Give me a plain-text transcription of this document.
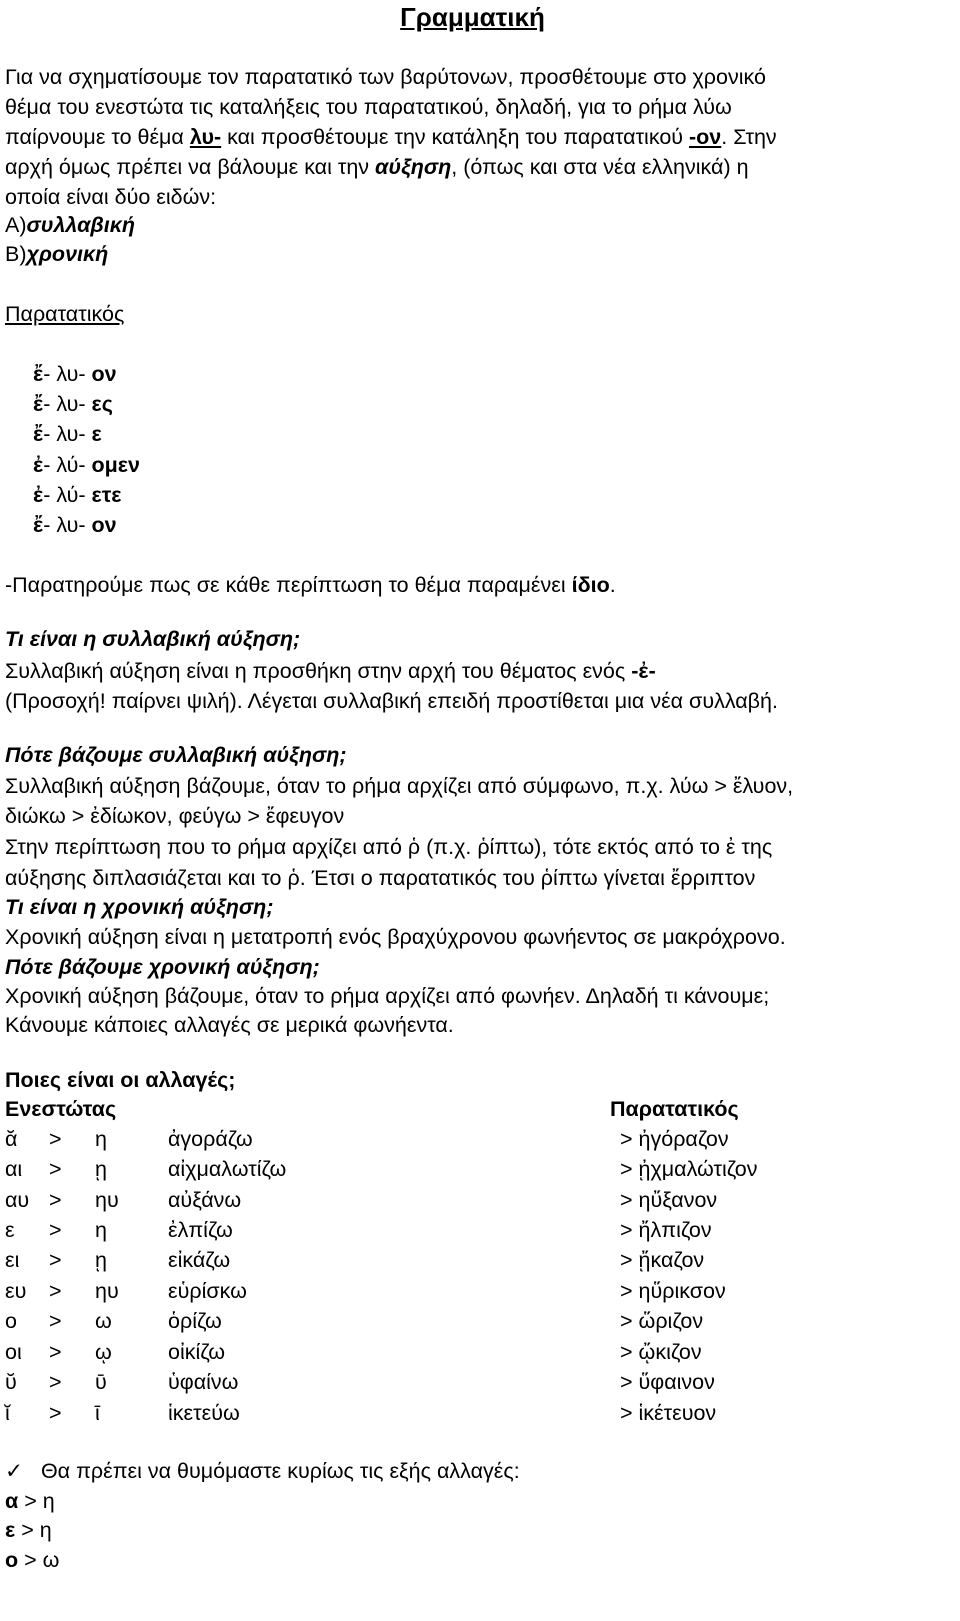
Γραμματική
Για να σχηματίσουμε τον παρατατικό των βαρύτονων, προσθέτουμε στο χρονικό
θέμα του ενεστώτα τις καταλήξεις του παρατατικού, δηλαδή, για το ρήμα λύω
παίρνουμε το θέμα λυ- και προσθέτουμε την κατάληξη του παρατατικού -ον. Στην
αρχή όμως πρέπει να βάλουμε και την αύξηση, (όπως και στα νέα ελληνικά) η
οποία είναι δύο ειδών:
Α)συλλαβική
Β)χρονική
Παρατατικός
ἔ- λυ- ον
ἔ- λυ- ες
ἔ- λυ- ε
ἐ- λύ- ομεν
ἐ- λύ- ετε
ἔ- λυ- ον
-Παρατηρούμε πως σε κάθε περίπτωση το θέμα παραμένει ίδιο.
Τι είναι η συλλαβική αύξηση;
Συλλαβική αύξηση είναι η προσθήκη στην αρχή του θέματος ενός -ἐ-
(Προσοχή! παίρνει ψιλή). Λέγεται συλλαβική επειδή προστίθεται μια νέα συλλαβή.
Πότε βάζουμε συλλαβική αύξηση;
Συλλαβική αύξηση βάζουμε, όταν το ρήμα αρχίζει από σύμφωνο, π.χ. λύω > ἔλυον,
διώκω > ἐδίωκον, φεύγω > ἔφευγον
Στην περίπτωση που το ρήμα αρχίζει από ῥ (π.χ. ῥίπτω), τότε εκτός από το ἐ της
αύξησης διπλασιάζεται και το ῥ. Έτσι ο παρατατικός του ῥίπτω γίνεται ἔρριπτον
Τι είναι η χρονική αύξηση;
Χρονική αύξηση είναι η μετατροπή ενός βραχύχρονου φωνήεντος σε μακρόχρονο.
Πότε βάζουμε χρονική αύξηση;
Χρονική αύξηση βάζουμε, όταν το ρήμα αρχίζει από φωνήεν. Δηλαδή τι κάνουμε;
Κάνουμε κάποιες αλλαγές σε μερικά φωνήεντα.
Ποιες είναι οι αλλαγές;
Ενεστώτας	Παρατατικός
ᾰ > η	ἀγοράζω	> ἠγόραζον
αι > ῃ	αἰχμαλωτίζω	> ᾐχμαλώτιζον
αυ > ηυ αὐξάνω	> ηὔξανον
ε > η	ἐλπίζω	> ἤλπιζον
ει > ῃ	εἰκάζω	> ᾔκαζον
ευ > ηυ εὑρίσκω	> ηὕρικσον
ο > ω	ὁρίζω	> ὥριζον
οι > ῳ	οἰκίζω	> ᾤκιζον
ῠ > ῡ	ὑφαίνω	> ὕφαινον
ῐ > ῑ	ἱκετεύω	> ἱκέτευον
✓ Θα πρέπει να θυμόμαστε κυρίως τις εξής αλλαγές:
α > η
ε > η
ο > ω
